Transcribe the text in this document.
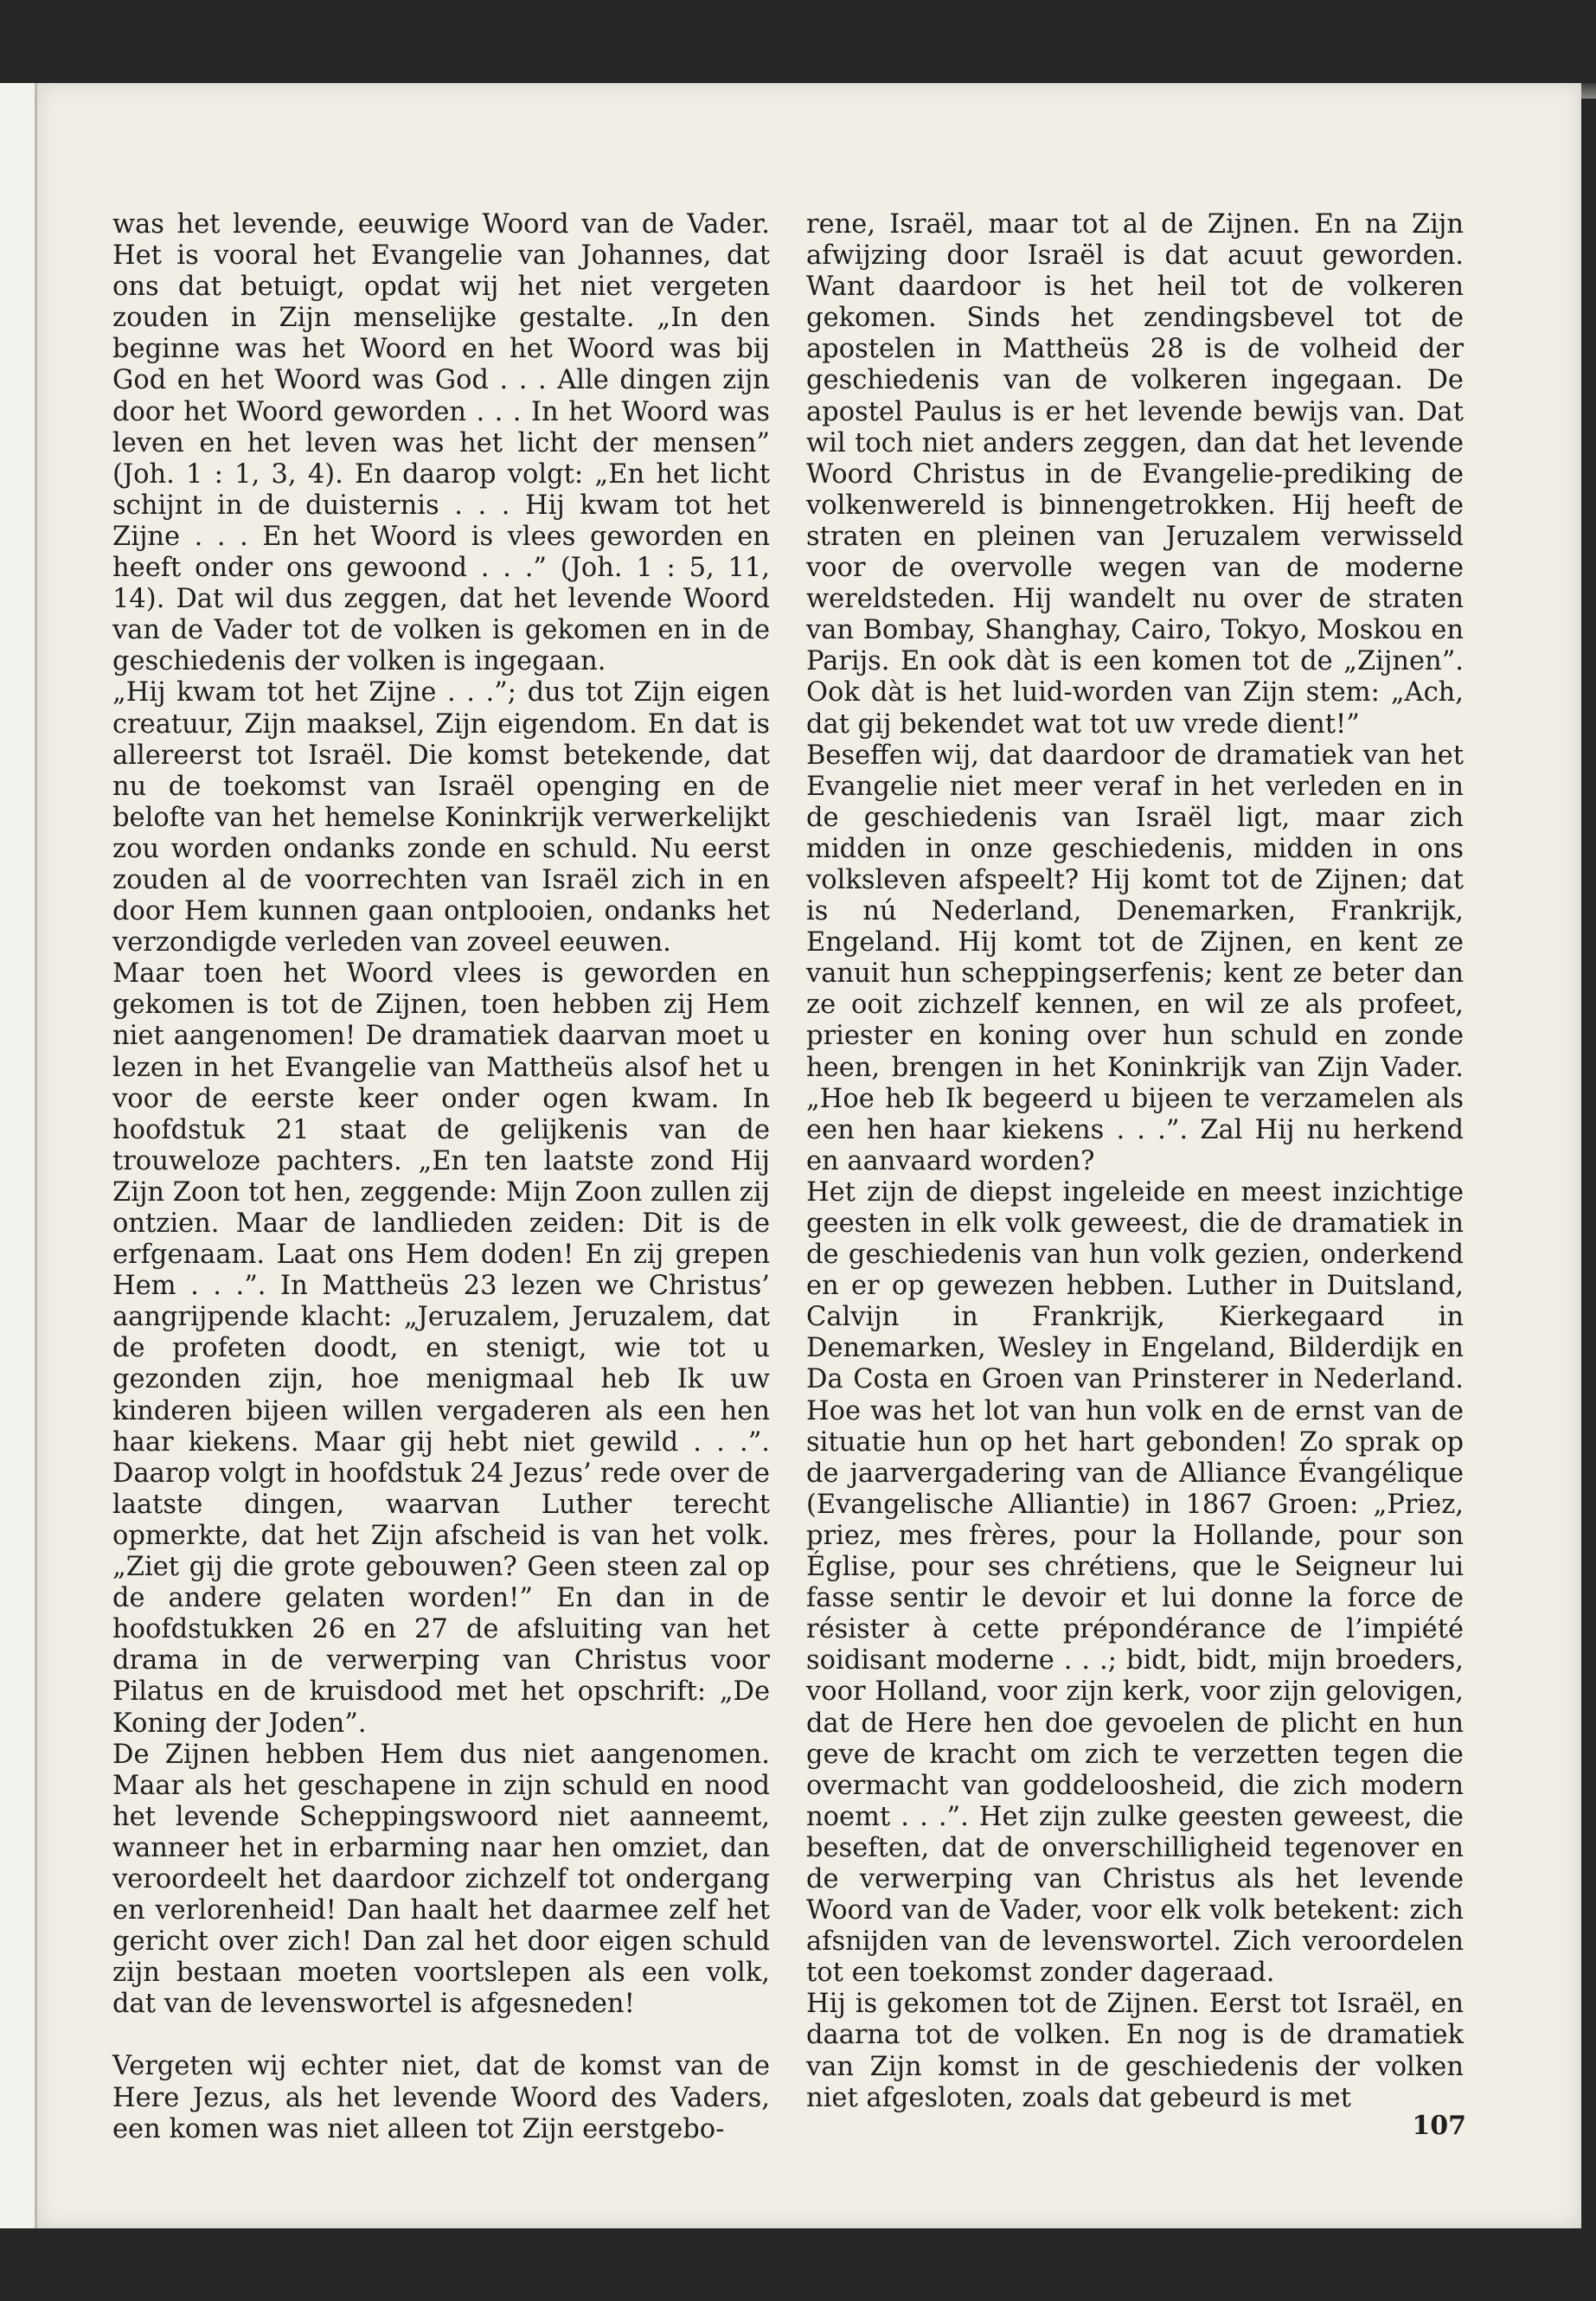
was het levende, eeuwige Woord van de Vader. Het is vooral het Evangelie van Johannes, dat ons dat betuigt, opdat wij het niet vergeten zouden in Zijn menselijke gestalte. „In den beginne was het Woord en het Woord was bij God en het Woord was God . . . Alle dingen zijn door het Woord geworden . . . In het Woord was leven en het leven was het licht der mensen” (Joh. 1 : 1, 3, 4). En daarop volgt: „En het licht schijnt in de duisternis . . . Hij kwam tot het Zijne . . . En het Woord is vlees geworden en heeft onder ons gewoond . . .” (Joh. 1 : 5, 11, 14). Dat wil dus zeggen, dat het levende Woord van de Vader tot de volken is gekomen en in de geschiedenis der volken is ingegaan.

„Hij kwam tot het Zijne . . .”; dus tot Zijn eigen creatuur, Zijn maaksel, Zijn eigendom. En dat is allereerst tot Israël. Die komst betekende, dat nu de toekomst van Israël openging en de belofte van het hemelse Koninkrijk verwerkelijkt zou worden ondanks zonde en schuld. Nu eerst zouden al de voorrechten van Israël zich in en door Hem kunnen gaan ontplooien, ondanks het verzondigde verleden van zoveel eeuwen.

Maar toen het Woord vlees is geworden en gekomen is tot de Zijnen, toen hebben zij Hem niet aangenomen! De dramatiek daarvan moet u lezen in het Evangelie van Mattheüs alsof het u voor de eerste keer onder ogen kwam. In hoofdstuk 21 staat de gelijkenis van de trouweloze pachters. „En ten laatste zond Hij Zijn Zoon tot hen, zeggende: Mijn Zoon zullen zij ontzien. Maar de landlieden zeiden: Dit is de erfgenaam. Laat ons Hem doden! En zij grepen Hem . . .”. In Mattheüs 23 lezen we Christus’ aangrijpende klacht: „Jeruzalem, Jeruzalem, dat de profeten doodt, en stenigt, wie tot u gezonden zijn, hoe menigmaal heb Ik uw kinderen bijeen willen vergaderen als een hen haar kiekens. Maar gij hebt niet gewild . . .”. Daarop volgt in hoofdstuk 24 Jezus’ rede over de laatste dingen, waarvan Luther terecht opmerkte, dat het Zijn afscheid is van het volk. „Ziet gij die grote gebouwen? Geen steen zal op de andere gelaten worden!” En dan in de hoofdstukken 26 en 27 de afsluiting van het drama in de verwerping van Christus voor Pilatus en de kruisdood met het opschrift: „De Koning der Joden”.

De Zijnen hebben Hem dus niet aangenomen. Maar als het geschapene in zijn schuld en nood het levende Scheppingswoord niet aanneemt, wanneer het in erbarming naar hen omziet, dan veroordeelt het daardoor zichzelf tot ondergang en verlorenheid! Dan haalt het daarmee zelf het gericht over zich! Dan zal het door eigen schuld zijn bestaan moeten voortslepen als een volk, dat van de levenswortel is afgesneden!

Vergeten wij echter niet, dat de komst van de Here Jezus, als het levende Woord des Vaders, een komen was niet alleen tot Zijn eerstgebo-

rene, Israël, maar tot al de Zijnen. En na Zijn afwijzing door Israël is dat acuut geworden. Want daardoor is het heil tot de volkeren gekomen. Sinds het zendingsbevel tot de apostelen in Mattheüs 28 is de volheid der geschiedenis van de volkeren ingegaan. De apostel Paulus is er het levende bewijs van. Dat wil toch niet anders zeggen, dan dat het levende Woord Christus in de Evangelie-prediking de volkenwereld is binnengetrokken. Hij heeft de straten en pleinen van Jeruzalem verwisseld voor de overvolle wegen van de moderne wereldsteden. Hij wandelt nu over de straten van Bombay, Shanghay, Cairo, Tokyo, Moskou en Parijs. En ook dàt is een komen tot de „Zijnen”. Ook dàt is het luid-worden van Zijn stem: „Ach, dat gij bekendet wat tot uw vrede dient!”

Beseffen wij, dat daardoor de dramatiek van het Evangelie niet meer veraf in het verleden en in de geschiedenis van Israël ligt, maar zich midden in onze geschiedenis, midden in ons volksleven afspeelt? Hij komt tot de Zijnen; dat is nú Nederland, Denemarken, Frankrijk, Engeland. Hij komt tot de Zijnen, en kent ze vanuit hun scheppingserfenis; kent ze beter dan ze ooit zichzelf kennen, en wil ze als profeet, priester en koning over hun schuld en zonde heen, brengen in het Koninkrijk van Zijn Vader. „Hoe heb Ik begeerd u bijeen te verzamelen als een hen haar kiekens . . .”. Zal Hij nu herkend en aanvaard worden?

Het zijn de diepst ingeleide en meest inzichtige geesten in elk volk geweest, die de dramatiek in de geschiedenis van hun volk gezien, onderkend en er op gewezen hebben. Luther in Duitsland, Calvijn in Frankrijk, Kierkegaard in Denemarken, Wesley in Engeland, Bilderdijk en Da Costa en Groen van Prinsterer in Nederland. Hoe was het lot van hun volk en de ernst van de situatie hun op het hart gebonden! Zo sprak op de jaarvergadering van de Alliance Évangélique (Evangelische Alliantie) in 1867 Groen: „Priez, priez, mes frères, pour la Hollande, pour son Église, pour ses chrétiens, que le Seigneur lui fasse sentir le devoir et lui donne la force de résister à cette prépondérance de l’impiété soidisant moderne . . .; bidt, bidt, mijn broeders, voor Holland, voor zijn kerk, voor zijn gelovigen, dat de Here hen doe gevoelen de plicht en hun geve de kracht om zich te verzetten tegen die overmacht van goddeloosheid, die zich modern noemt . . .”. Het zijn zulke geesten geweest, die beseften, dat de onverschilligheid tegenover en de verwerping van Christus als het levende Woord van de Vader, voor elk volk betekent: zich afsnijden van de levenswortel. Zich veroordelen tot een toekomst zonder dageraad.

Hij is gekomen tot de Zijnen. Eerst tot Israël, en daarna tot de volken. En nog is de dramatiek van Zijn komst in de geschiedenis der volken niet afgesloten, zoals dat gebeurd is met

107
